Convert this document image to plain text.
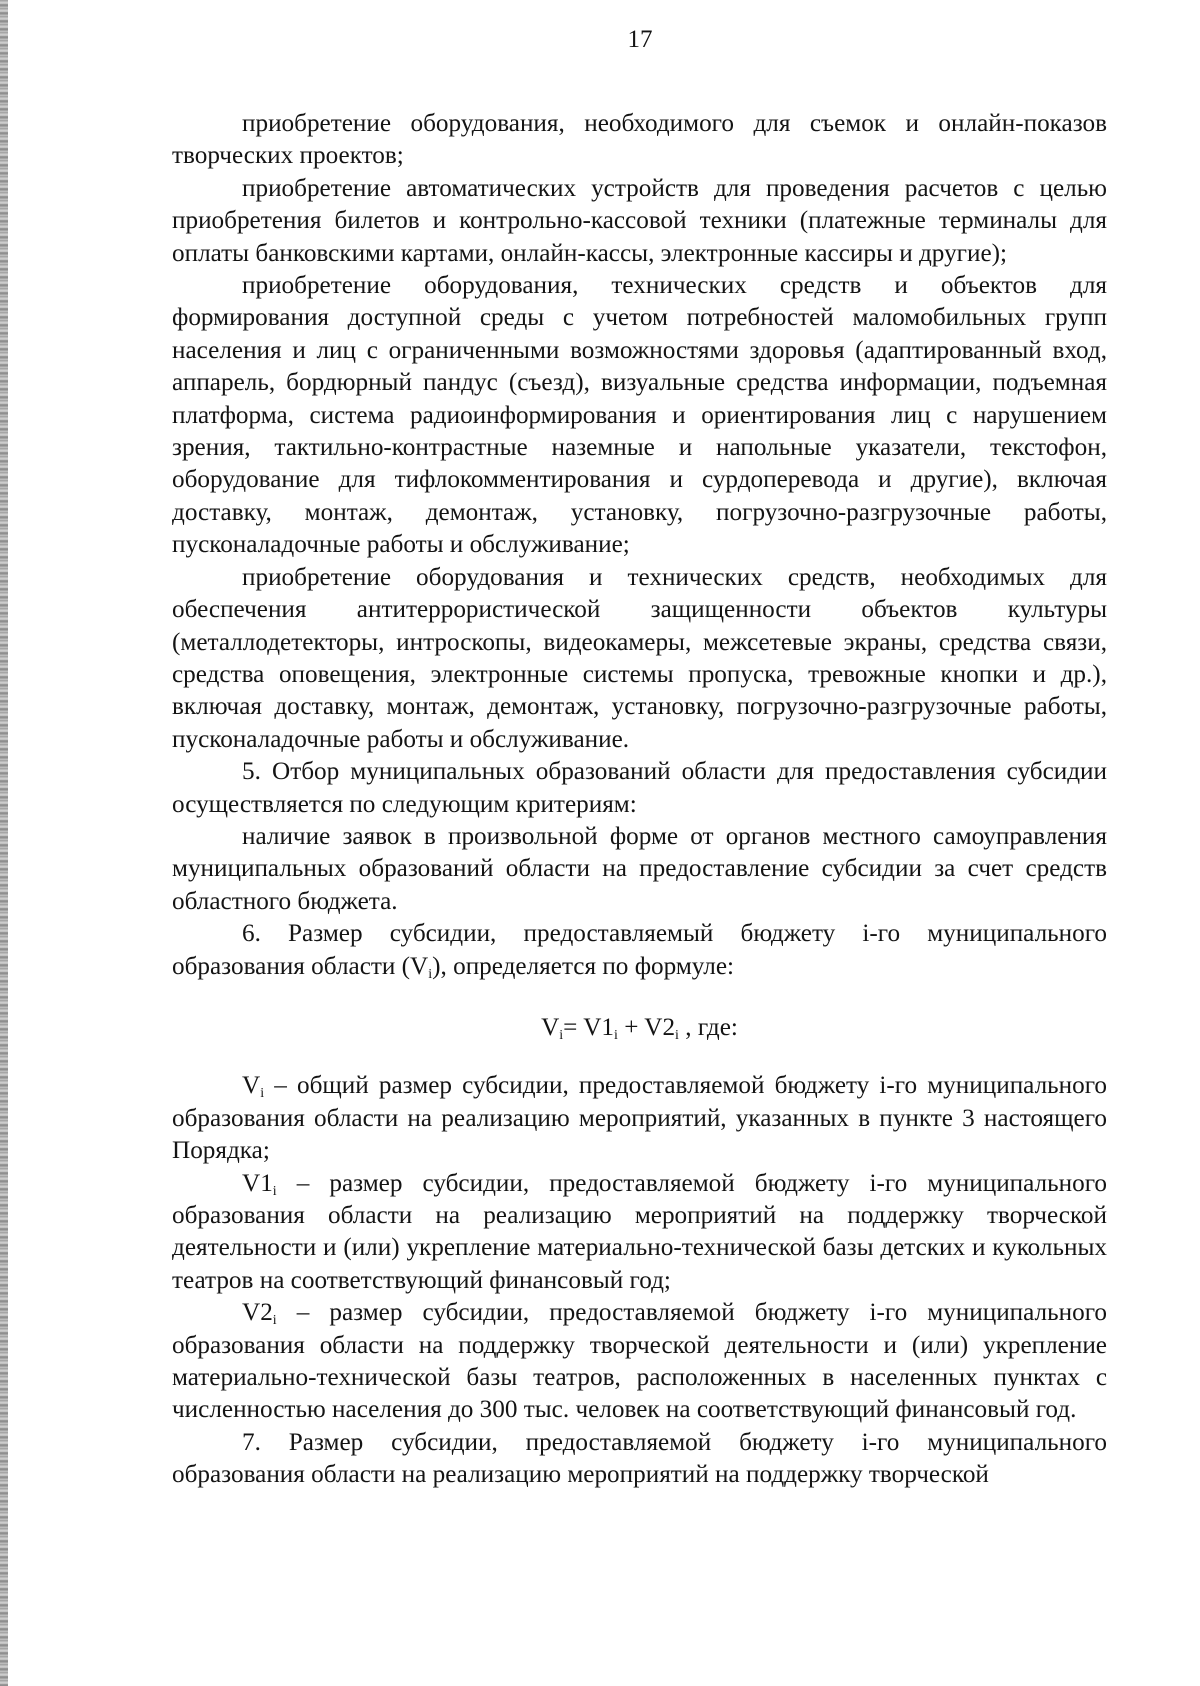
17

приобретение оборудования, необходимого для съемок и онлайн-показов творческих проектов;

приобретение автоматических устройств для проведения расчетов с целью приобретения билетов и контрольно-кассовой техники (платежные терминалы для оплаты банковскими картами, онлайн-кассы, электронные кассиры и другие);

приобретение оборудования, технических средств и объектов для формирования доступной среды с учетом потребностей маломобильных групп населения и лиц с ограниченными возможностями здоровья (адаптированный вход, аппарель, бордюрный пандус (съезд), визуальные средства информации, подъемная платформа, система радиоинформирования и ориентирования лиц с нарушением зрения, тактильно-контрастные наземные и напольные указатели, текстофон, оборудование для тифлокомментирования и сурдоперевода и другие), включая доставку, монтаж, демонтаж, установку, погрузочно-разгрузочные работы, пусконаладочные работы и обслуживание;

приобретение оборудования и технических средств, необходимых для обеспечения антитеррористической защищенности объектов культуры (металлодетекторы, интроскопы, видеокамеры, межсетевые экраны, средства связи, средства оповещения, электронные системы пропуска, тревожные кнопки и др.), включая доставку, монтаж, демонтаж, установку, погрузочно-разгрузочные работы, пусконаладочные работы и обслуживание.

5. Отбор муниципальных образований области для предоставления субсидии осуществляется по следующим критериям:

наличие заявок в произвольной форме от органов местного самоуправления муниципальных образований области на предоставление субсидии за счет средств областного бюджета.

6. Размер субсидии, предоставляемый бюджету i-го муниципального образования области $(V_i)$, определяется по формуле:

$V_i= V1_i + V2_i$ , где:

$V_i$ – общий размер субсидии, предоставляемой бюджету i-го муниципального образования области на реализацию мероприятий, указанных в пункте 3 настоящего Порядка;

$V1_i$ – размер субсидии, предоставляемой бюджету i-го муниципального образования области на реализацию мероприятий на поддержку творческой деятельности и (или) укрепление материально-технической базы детских и кукольных театров на соответствующий финансовый год;

$V2_i$ – размер субсидии, предоставляемой бюджету i-го муниципального образования области на поддержку творческой деятельности и (или) укрепление материально-технической базы театров, расположенных в населенных пунктах с численностью населения до 300 тыс. человек на соответствующий финансовый год.

7. Размер субсидии, предоставляемой бюджету i-го муниципального образования области на реализацию мероприятий на поддержку творческой
